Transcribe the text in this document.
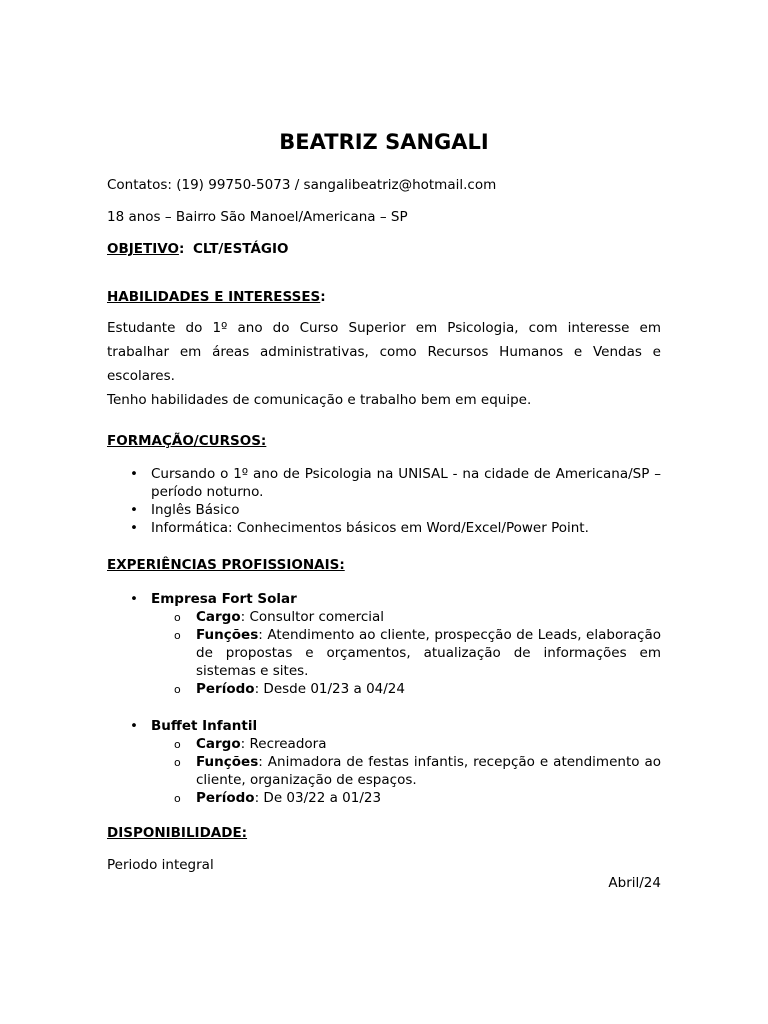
BEATRIZ SANGALI

Contatos: (19) 99750-5073 / sangalibeatriz@hotmail.com

18 anos – Bairro São Manoel/Americana – SP

OBJETIVO: CLT/ESTÁGIO

HABILIDADES E INTERESSES:

Estudante do 1º ano do Curso Superior em Psicologia, com interesse em trabalhar em áreas administrativas, como Recursos Humanos e Vendas e escolares.
Tenho habilidades de comunicação e trabalho bem em equipe.

FORMAÇÃO/CURSOS:

• Cursando o 1º ano de Psicologia na UNISAL - na cidade de Americana/SP – período noturno.
• Inglês Básico
• Informática: Conhecimentos básicos em Word/Excel/Power Point.

EXPERIÊNCIAS PROFISSIONAIS:

• Empresa Fort Solar
o Cargo: Consultor comercial
o Funções: Atendimento ao cliente, prospecção de Leads, elaboração de propostas e orçamentos, atualização de informações em sistemas e sites.
o Período: Desde 01/23 a 04/24
• Buffet Infantil
o Cargo: Recreadora
o Funções: Animadora de festas infantis, recepção e atendimento ao cliente, organização de espaços.
o Período: De 03/22 a 01/23

DISPONIBILIDADE:

Periodo integral

Abril/24
